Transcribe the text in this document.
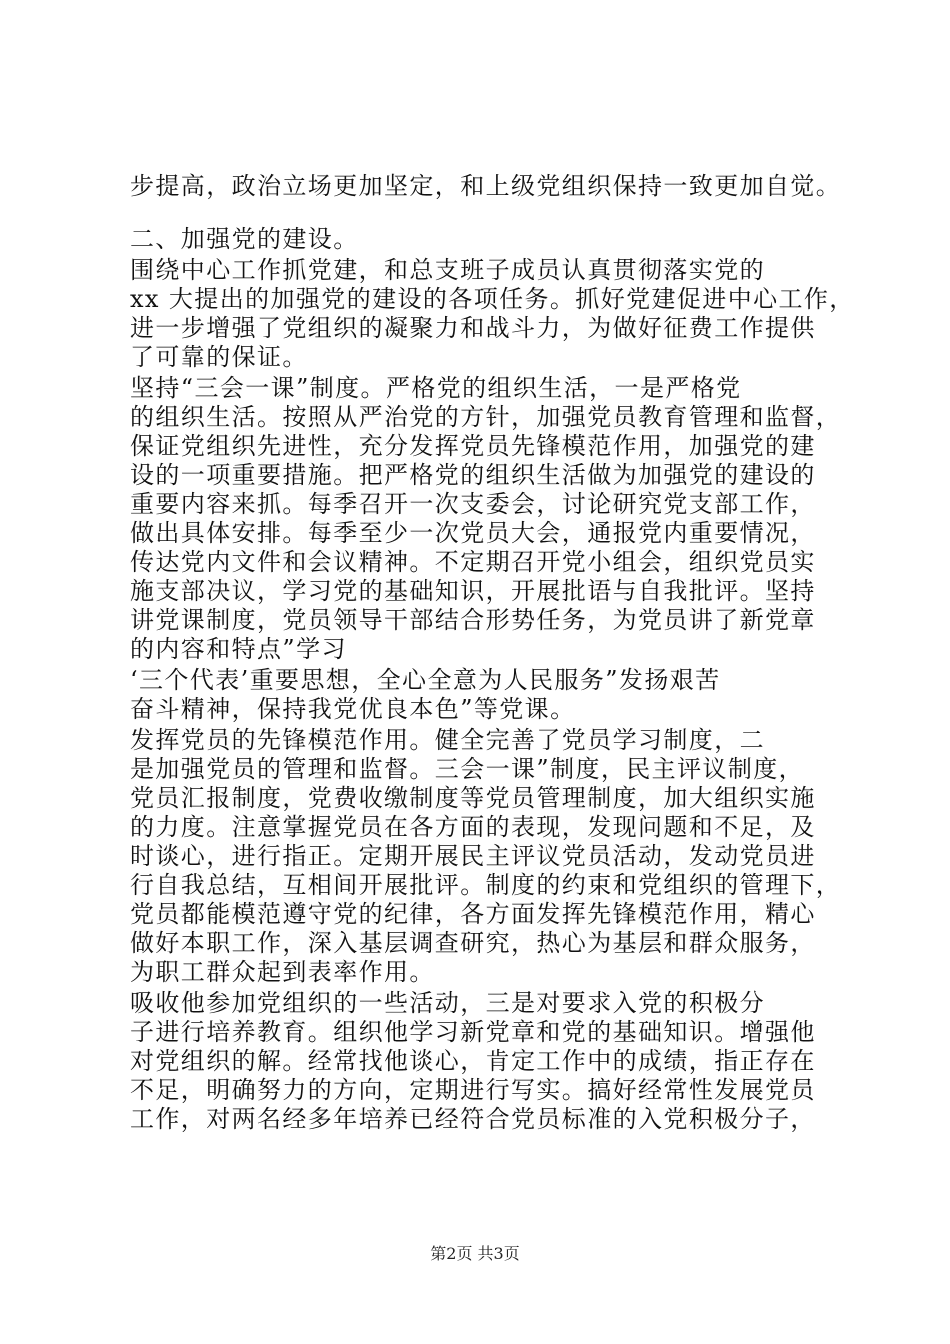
步提高，政治立场更加坚定，和上级党组织保持一致更加自觉。
二、加强党的建设。
围绕中心工作抓党建，和总支班子成员认真贯彻落实党的
xx 大提出的加强党的建设的各项任务。抓好党建促进中心工作，
进一步增强了党组织的凝聚力和战斗力，为做好征费工作提供
了可靠的保证。
坚持“三会一课”制度。严格党的组织生活，一是严格党
的组织生活。按照从严治党的方针，加强党员教育管理和监督，
保证党组织先进性，充分发挥党员先锋模范作用，加强党的建
设的一项重要措施。把严格党的组织生活做为加强党的建设的
重要内容来抓。每季召开一次支委会，讨论研究党支部工作，
做出具体安排。每季至少一次党员大会，通报党内重要情况，
传达党内文件和会议精神。不定期召开党小组会，组织党员实
施支部决议，学习党的基础知识，开展批语与自我批评。坚持
讲党课制度，党员领导干部结合形势任务，为党员讲了新党章
的内容和特点”学习
‘三个代表’重要思想，全心全意为人民服务”发扬艰苦
奋斗精神，保持我党优良本色”等党课。
发挥党员的先锋模范作用。健全完善了党员学习制度，二
是加强党员的管理和监督。三会一课”制度，民主评议制度，
党员汇报制度，党费收缴制度等党员管理制度，加大组织实施
的力度。注意掌握党员在各方面的表现，发现问题和不足，及
时谈心，进行指正。定期开展民主评议党员活动，发动党员进
行自我总结，互相间开展批评。制度的约束和党组织的管理下，
党员都能模范遵守党的纪律，各方面发挥先锋模范作用，精心
做好本职工作，深入基层调查研究，热心为基层和群众服务，
为职工群众起到表率作用。
吸收他参加党组织的一些活动，三是对要求入党的积极分
子进行培养教育。组织他学习新党章和党的基础知识。增强他
对党组织的解。经常找他谈心，肯定工作中的成绩，指正存在
不足，明确努力的方向，定期进行写实。搞好经常性发展党员
工作，对两名经多年培养已经符合党员标准的入党积极分子，
第2页 共3页
